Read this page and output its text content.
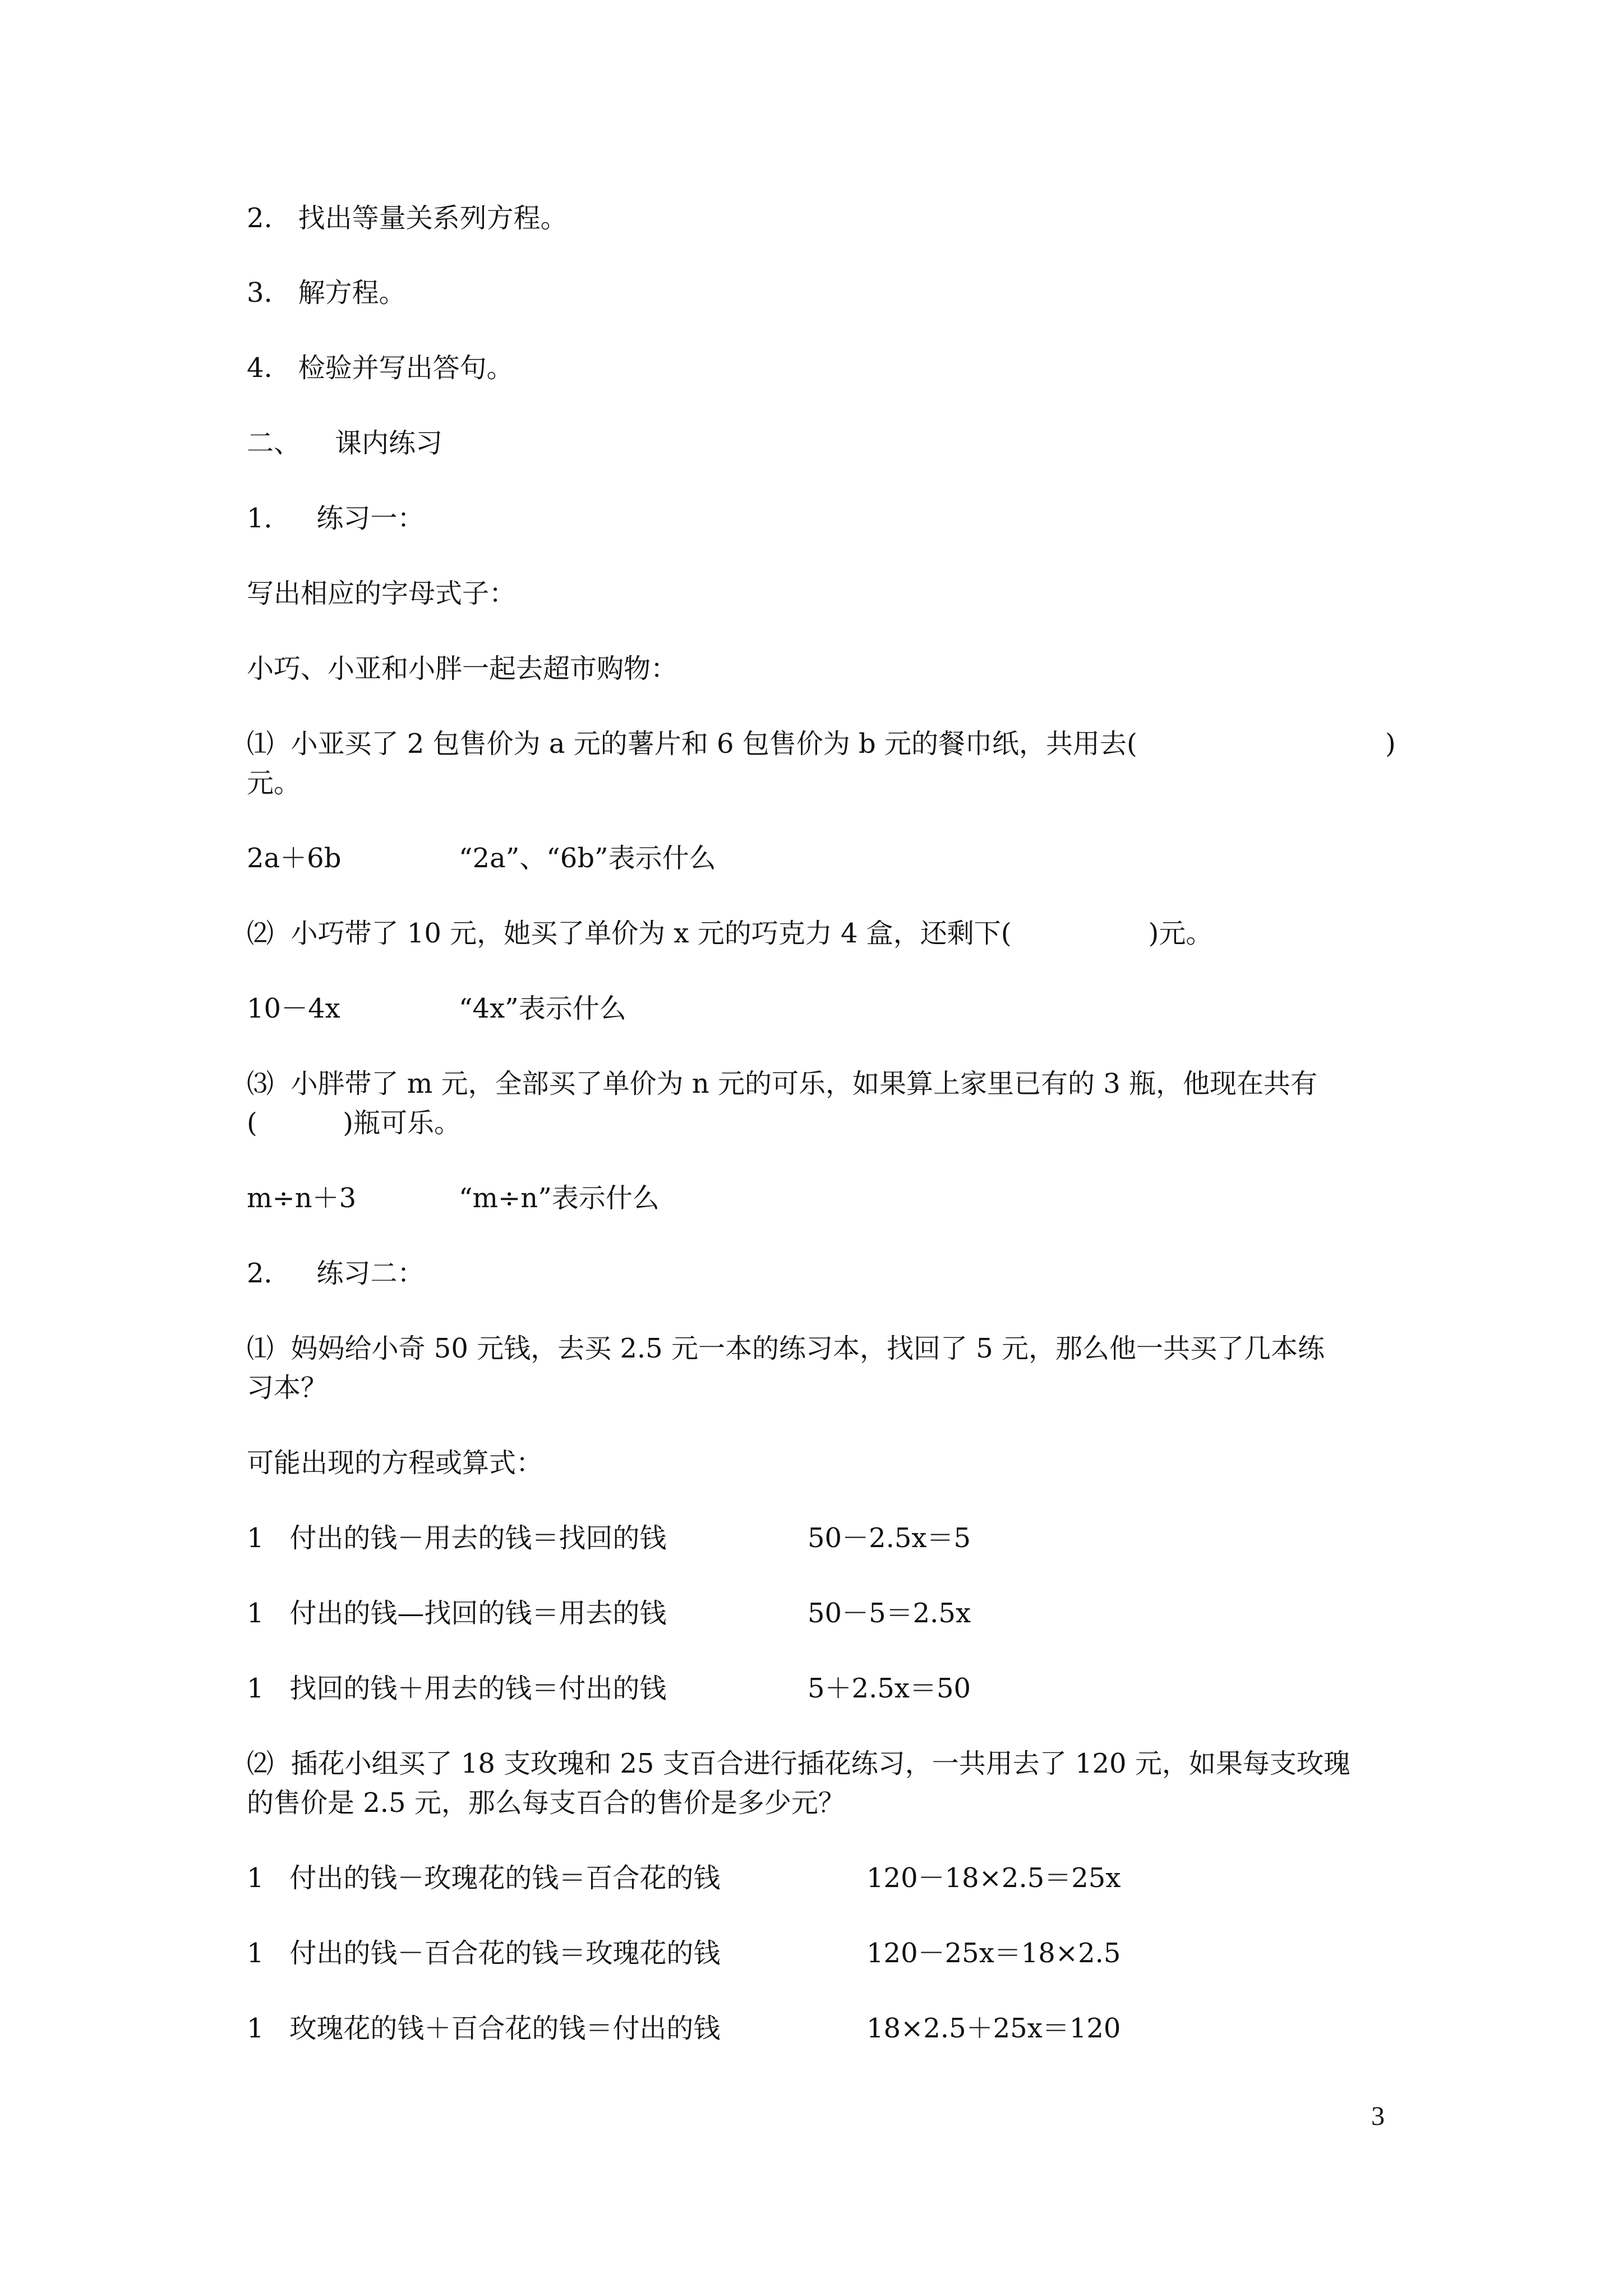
2.   找出等量关系列方程。
3.   解方程。
4.   检验并写出答句。
二、    课内练习
1．   练习一：
写出相应的字母式子：
小巧、小亚和小胖一起去超市购物：
⑴  小亚买了 2 包售价为 a 元的薯片和 6 包售价为 b 元的餐巾纸，共用去(	)
元。
2a＋6b	“2a”、“6b”表示什么
⑵  小巧带了 10 元，她买了单价为 x 元的巧克力 4 盒，还剩下(                )元。
10－4x	“4x”表示什么
⑶  小胖带了 m 元，全部买了单价为 n 元的可乐，如果算上家里已有的 3 瓶，他现在共有
(          )瓶可乐。
m÷n＋3	“m÷n”表示什么
2．   练习二：
⑴  妈妈给小奇 50 元钱，去买 2.5 元一本的练习本，找回了 5 元，那么他一共买了几本练
习本？
可能出现的方程或算式：
1   付出的钱－用去的钱＝找回的钱	50－2.5x＝5
1   付出的钱—找回的钱＝用去的钱	50－5＝2.5x
1   找回的钱＋用去的钱＝付出的钱	5＋2.5x＝50
⑵  插花小组买了 18 支玫瑰和 25 支百合进行插花练习，一共用去了 120 元，如果每支玫瑰
的售价是 2.5 元，那么每支百合的售价是多少元？
1   付出的钱－玫瑰花的钱＝百合花的钱	120－18×2.5＝25x
1   付出的钱－百合花的钱＝玫瑰花的钱	120－25x＝18×2.5
1   玫瑰花的钱＋百合花的钱＝付出的钱	18×2.5＋25x＝120
3
